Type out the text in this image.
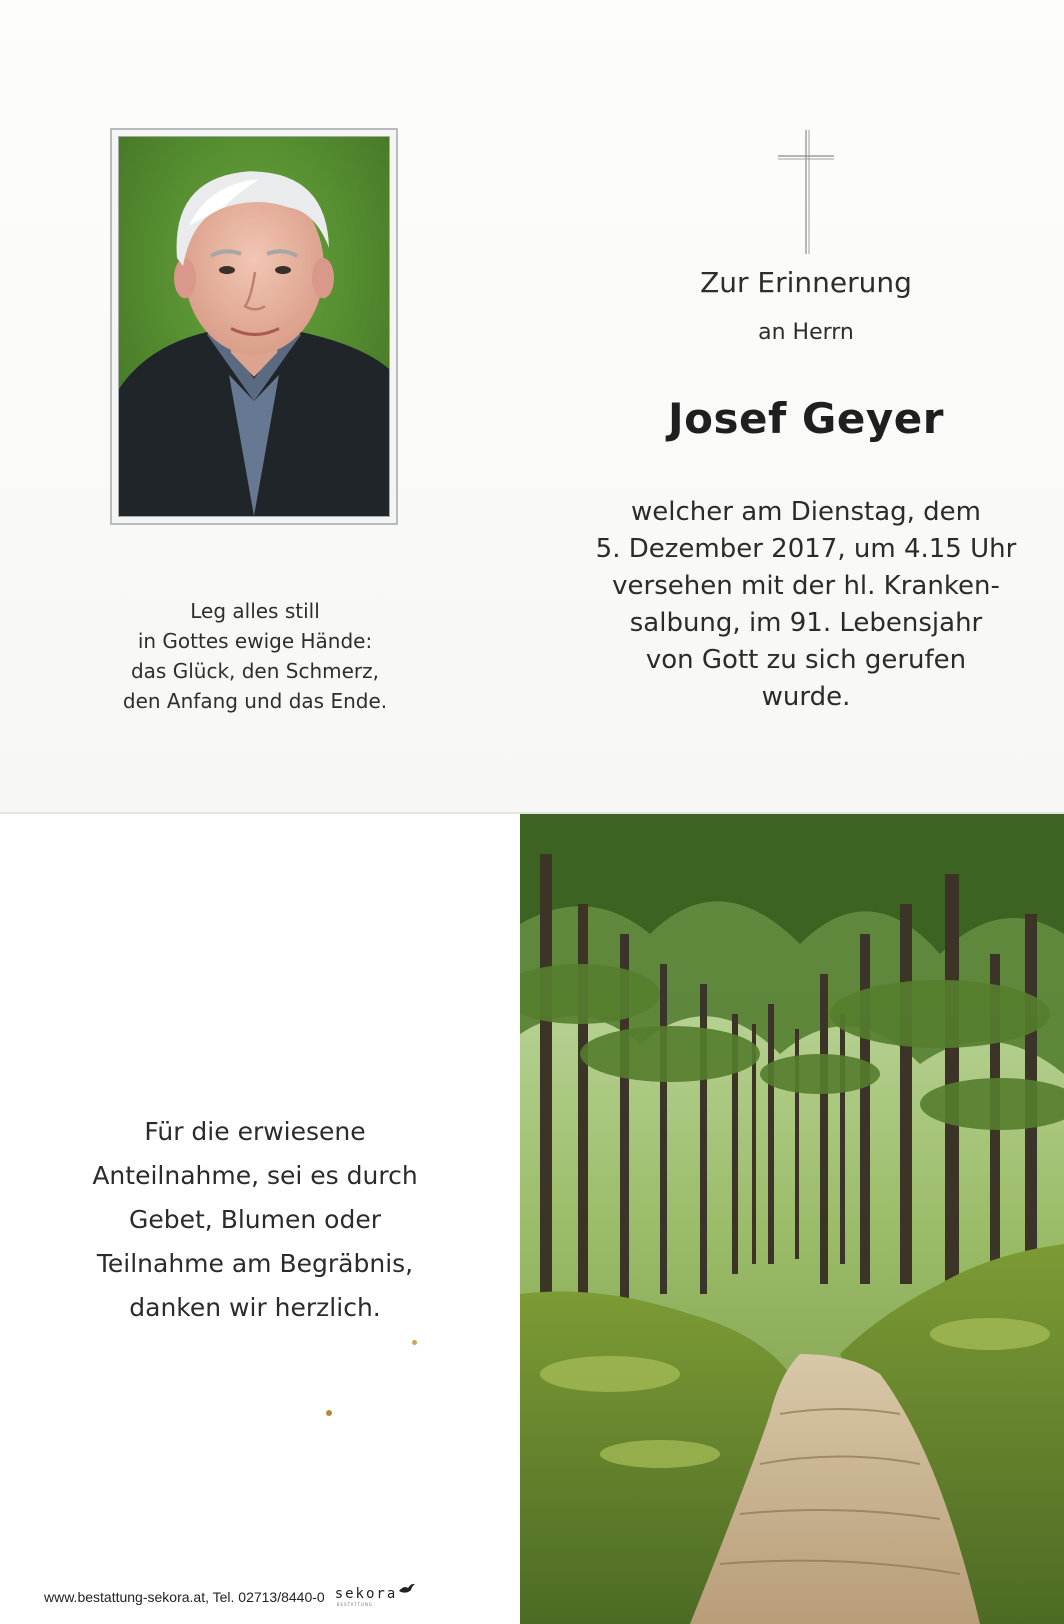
Leg alles still
in Gottes ewige Hände:
das Glück, den Schmerz,
den Anfang und das Ende.
Zur Erinnerung
an Herrn
Josef Geyer
welcher am Dienstag, dem
5. Dezember 2017, um 4.15 Uhr
versehen mit der hl. Kranken-
salbung, im 91. Lebensjahr
von Gott zu sich gerufen
wurde.
Für die erwiesene
Anteilnahme, sei es durch
Gebet, Blumen oder
Teilnahme am Begräbnis,
danken wir herzlich.
www.bestattung-sekora.at, Tel. 02713/8440-0 sekora
BESTATTUNG
